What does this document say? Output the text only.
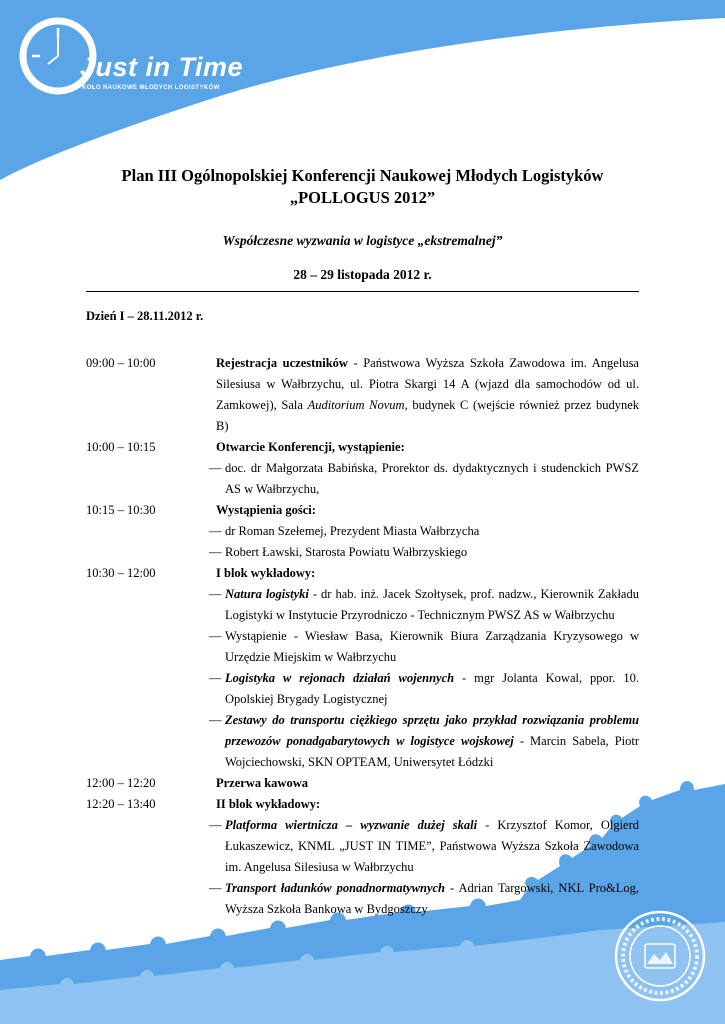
Just in Time
KOŁO NAUKOWE MŁODYCH LOGISTYKÓW

Plan III Ogólnopolskiej Konferencji Naukowej Młodych Logistyków
„POLLOGUS 2012”

Współczesne wyzwania w logistyce „ekstremalnej”

28 – 29 listopada 2012 r.

Dzień I – 28.11.2012 r.

09:00 – 10:00	Rejestracja uczestników - Państwowa Wyższa Szkoła Zawodowa im. Angelusa Silesiusa w Wałbrzychu, ul. Piotra Skargi 14 A (wjazd dla samochodów od ul. Zamkowej), Sala Auditorium Novum, budynek C (wejście również przez budynek B)
10:00 – 10:15	Otwarcie Konferencji, wystąpienie:
— doc. dr Małgorzata Babińska, Prorektor ds. dydaktycznych i studenckich PWSZ AS w Wałbrzychu,
10:15 – 10:30	Wystąpienia gości:
— dr Roman Szełemej, Prezydent Miasta Wałbrzycha
— Robert Ławski, Starosta Powiatu Wałbrzyskiego
10:30 – 12:00	I blok wykładowy:
— Natura logistyki - dr hab. inż. Jacek Szołtysek, prof. nadzw., Kierownik Zakładu Logistyki w Instytucie Przyrodniczo - Technicznym PWSZ AS w Wałbrzychu
— Wystąpienie - Wiesław Basa, Kierownik Biura Zarządzania Kryzysowego w Urzędzie Miejskim w Wałbrzychu
— Logistyka w rejonach działań wojennych - mgr Jolanta Kowal, ppor. 10. Opolskiej Brygady Logistycznej
— Zestawy do transportu ciężkiego sprzętu jako przykład rozwiązania problemu przewozów ponadgabarytowych w logistyce wojskowej - Marcin Sabela, Piotr Wojciechowski, SKN OPTEAM, Uniwersytet Łódzki
12:00 – 12:20	Przerwa kawowa
12:20 – 13:40	II blok wykładowy:
— Platforma wiertnicza – wyzwanie dużej skali - Krzysztof Komor, Olgierd Łukaszewicz, KNML „JUST IN TIME”, Państwowa Wyższa Szkoła Zawodowa im. Angelusa Silesiusa w Wałbrzychu
— Transport ładunków ponadnormatywnych - Adrian Targowski, NKL Pro&Log, Wyższa Szkoła Bankowa w Bydgoszczy
